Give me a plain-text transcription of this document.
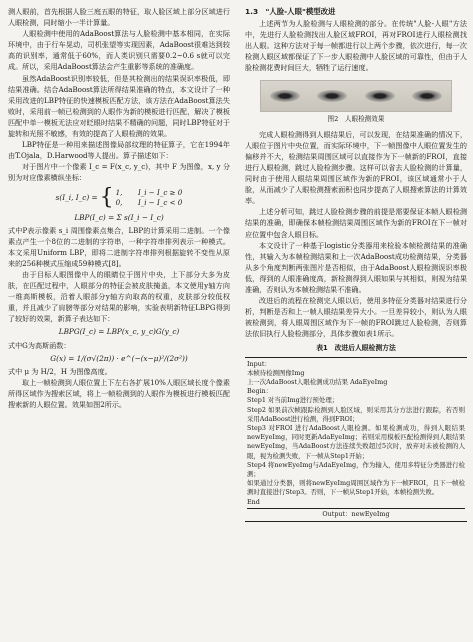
测人眼前，首先根据人脸三庭五眼的特征，取人脸区域上部分区域进行人眼检测，同时缩小一半计算量。

人眼检测中使用的AdaBoost算法与人脸检测中基本相同，在实际环境中，由于行车晃动，司机张望等实现因素，AdaBoost很难达到较高的识别率，通常低于60%，而人类识别只需要0.2~0.6 s就可以完成。所以，采用AdaBoost算法会产生重影等系统的准确度。

虽然AdaBoost识别率较低，但是其检测出的结果误识率极低，即结果准确。结合AdaBoost算法所得结果准确的特点，本文设计了一种采用改进的LBP特征的快速模板匹配方法，该方法在AdaBoost算法失败时，采用前一帧已检测到的人眼作为新的模板进行匹配，解决了模板匹配中单一模板无法应对眨眼时结果不精确的问题，同时LBP特征对于旋转和光照不敏感，有效的提高了人眼检测的效果。

LBP特征是一种用来描述图像局部纹理的特征算子，它在1994年由T.Ojala，D.Harwood等人提出。算子描述如下：

对于图片中一个像素 I_c = F(x_c, y_c)，其中 F 为图像，x, y 分别为对应像素横纵坐标：

s(I_i, I_c) = { 1, I_i − I_c ≥ 0
0, I_i − I_c < 0
LBP(I_c) = Σ s(I_i − I_c)

式中P表示像素 s_i 周围像素点集合，LBP的计算采用二进制。一个像素点产生一个8位的二进制的字符串，一种字符串排列表示一种模式。本文采用Uniform LBP，即将二进制字符串排列根据旋转不变性从原来的256种模式压缩成59种模式[8]。

由于目标人眼图像中人的眼睛位于图片中央，上下部分大多为皮肤，在匹配过程中，人眼部分的特征会被皮肤掩盖，本文使用y轴方向一维高斯模板，沿着人眼部分y轴方向取高的权重，皮肤部分较低权重，并且减少了肩膀等部分对结果的影响，实验表明新特征LBPG得到了较好的效果，新算子表达如下：

LBPG(I_c) = LBP(x_c, y_c)G(y_c)

式中G为高斯函数：

G(x) = 1/(σ√(2π)) · e^(−(x−μ)²/(2σ²))

式中 μ 为 H/2，H 为图像高度。

取上一帧检测到人眼位置上下左右各扩展10%人眼区域长度个像素所得区域作为搜索区域，将上一帧检测到的人眼作为模板进行模板匹配搜索新的人眼位置。效果如图2所示。

1.3　"人脸-人眼"模型改进

上述两节为人脸检测与人眼检测的部分。在传统"人脸-人眼"方法中，先进行人脸检测找出人脸区域FROI，再对FROI进行人眼检测找出人眼。这种方法对于每一帧都进行以上两个步骤，依次进行，每一次检测人眼区域都保证了下一步人眼检测中人脸区域的可靠性，但由于人脸检测花费时间巨大，牺牲了运行速度。

图2　人眼检测效果

完成人眼检测得到人眼结果后，可以发现，在结果准确的情况下，人眼位于图片中央位置，而实际环境中，下一帧图像中人眼位置发生的偏移并不大，检测结果周围区域可以直接作为下一帧新的FROI，直接进行人眼检测，跳过人脸检测步骤。这样可以省去人脸检测的计算量，同时由于使用人眼结果周围区域作为新的FROI，该区域通常小于人脸，从而减少了人眼检测搜索面积也同步提高了人眼搜索算法的计算效率。

上述分析可知，跳过人脸检测步骤的前提是需要保证本帧人眼检测结果的准确，即确保本帧检测结果周围区域作为新的FROI在下一帧对应位置中包含人眼目标。

本文设计了一种基于logistic分类器用来检验本帧检测结果的准确性，其输入为本帧检测结果和上一次AdaBoost成功检测结果，分类器从多个角度判断两张图片是否相似，由于AdaBoost人眼检测误识率极低，得到的人眼准确度高，新检测得到人眼如果与其相似，则视为结果准确，否则认为本帧检测结果不准确。

改进后的流程在检测完人眼以后，使用多特征分类器对结果进行分析，判断是否和上一帧人眼结果差异大小。一旦差异较小，则认为人眼被检测到，将人眼周围区域作为下一帧的FROI跳过人脸检测，否则算法依旧执行人脸检测部分，具体步骤如表1所示。

表1　改进后人眼检测方法
Input：
本帧待检测图像Img
上一次AdaBoost人眼检测成功结果 AdaEyeImg
Begin：
Step1 对当前Img进行预处理；
Step2 如果前次帧跟踪检测到人脸区域，则采用其分方法进行跟踪，若否则采用AdaBoost进行检测，得到FROI；
Step3 对FROI 进行AdaBoost人眼检测。如果检测成功，得到人眼结果newEyeImg，同时更新AdaEyeImg；若则采用模板匹配检测得到人眼结果newEyeImg，当AdaBoost方法连续失败超过5次时，放弃对未被检测的人眼，视为检测失败，下一帧从Step1开始；
Step4 将newEyeImg与AdaEyeImg，作为输入，使用多特征分类器进行检测；
如果通过分类器，则将newEyeImg周围区域作为下一帧FROI，且下一帧检测时直接进行Step3。否则，下一帧从Step1开始，本帧检测失败。
End
Output：newEyeImg
